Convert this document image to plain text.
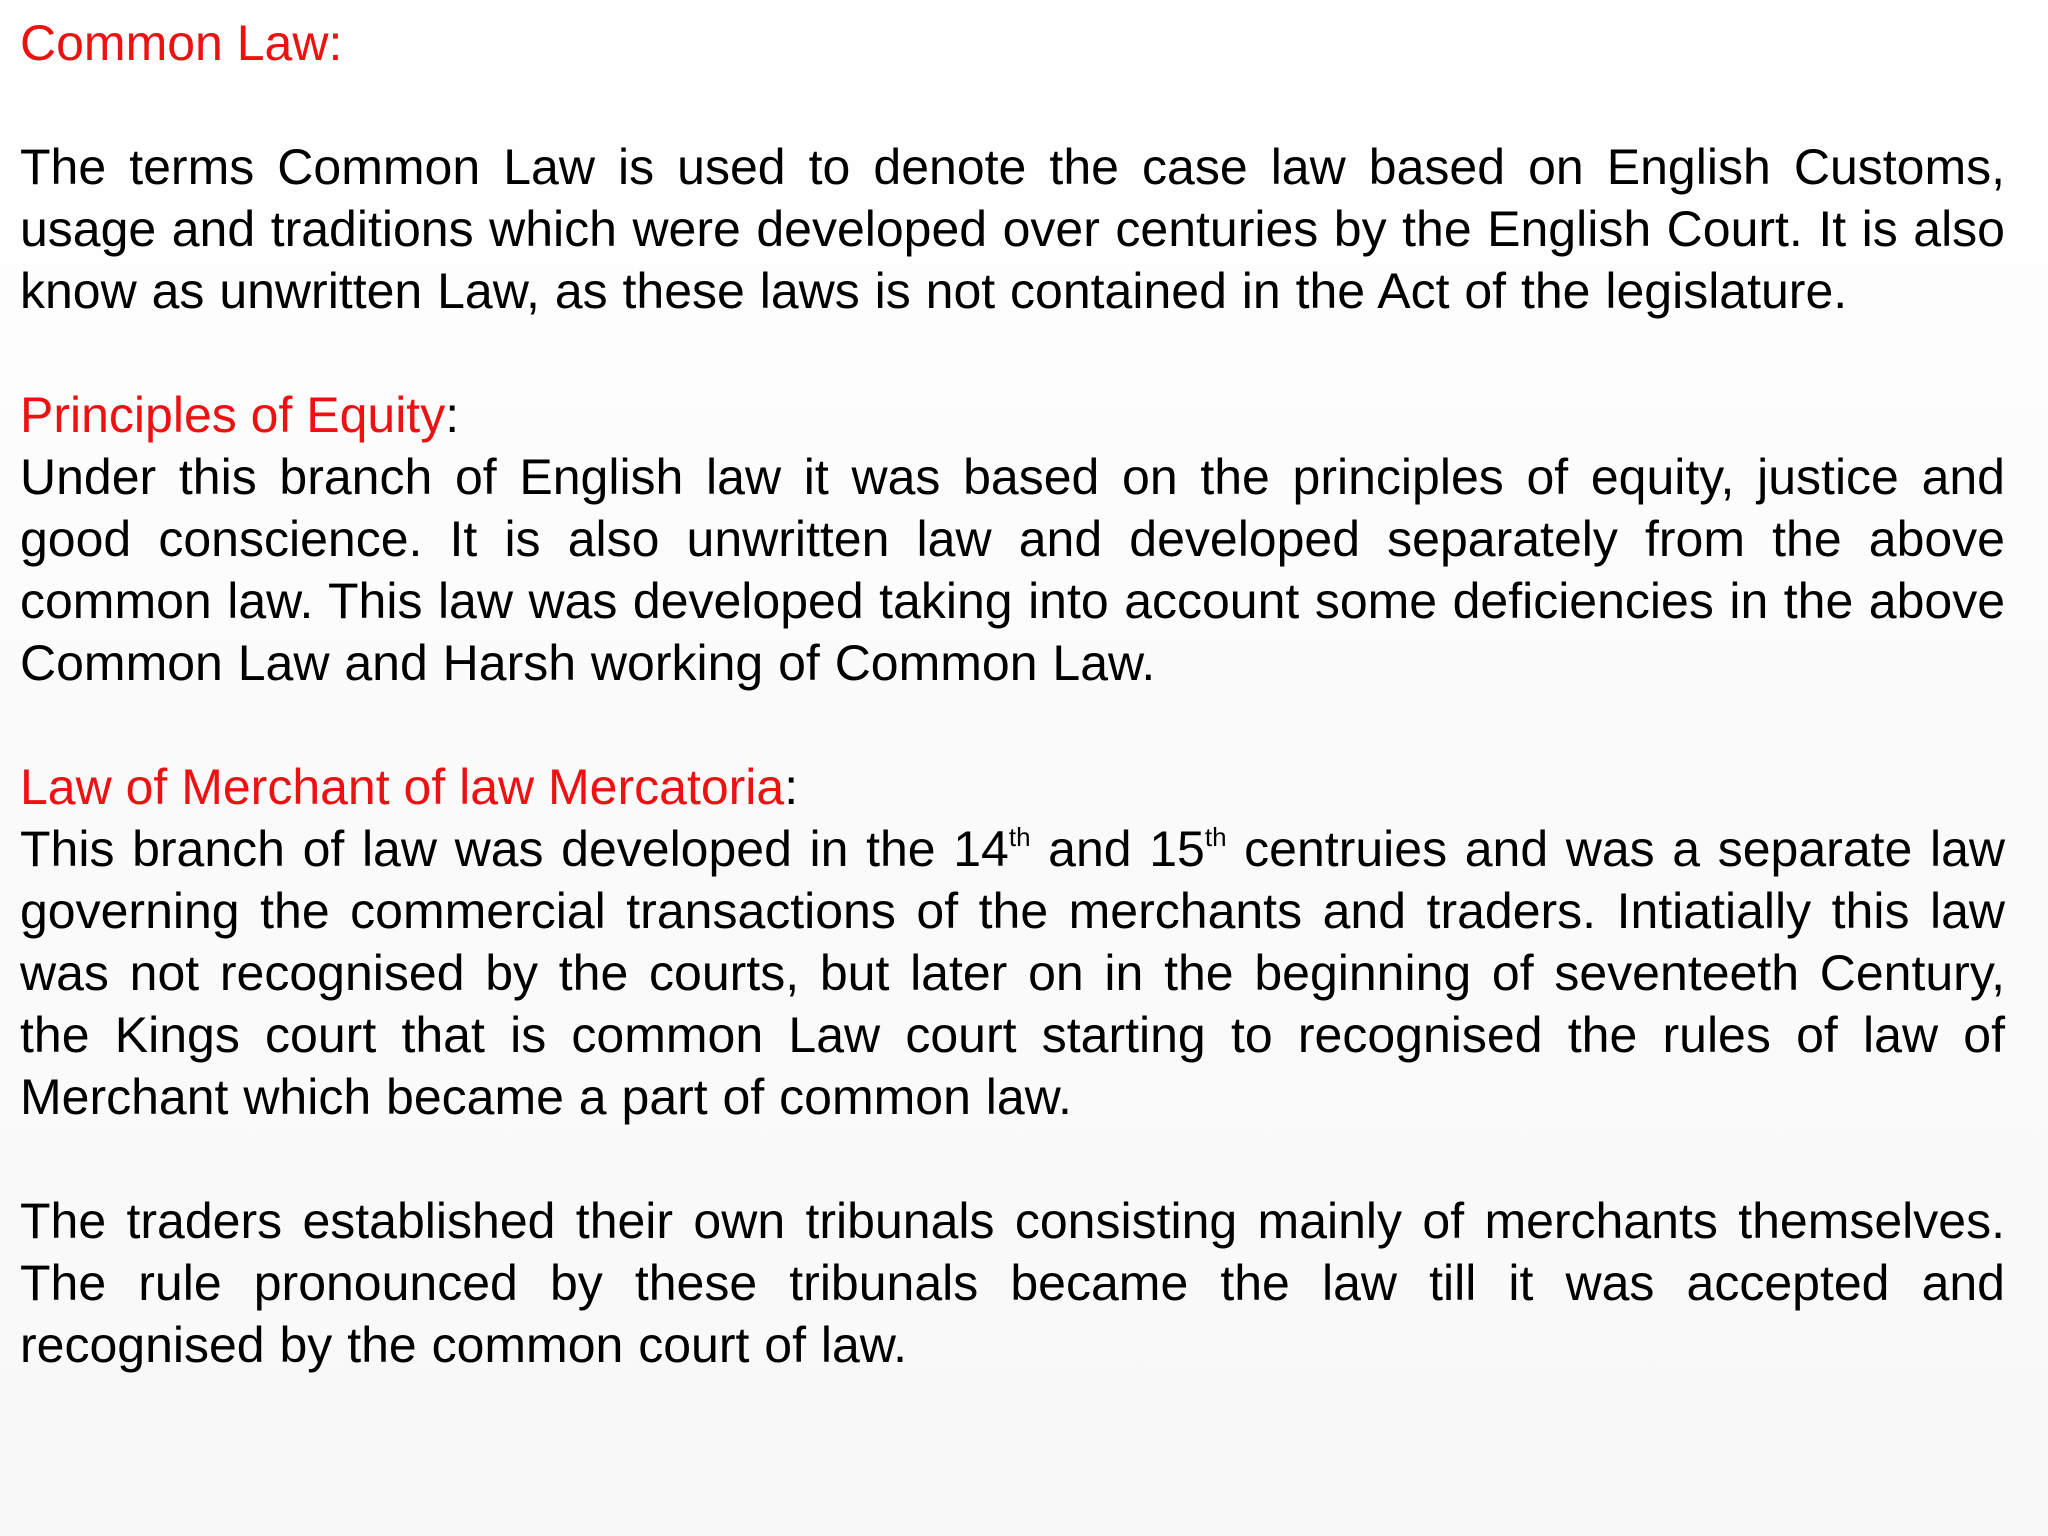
Common Law:

The terms Common Law is used to denote the case law based on English Customs, usage and traditions which were developed over centuries by the English Court. It is also know as unwritten Law, as these laws is not contained in the Act of the legislature.

Principles of Equity:

Under this branch of English law it was based on the principles of equity, justice and good conscience. It is also unwritten law and developed separately from the above common law. This law was developed taking into account some deficiencies in the above Common Law and Harsh working of Common Law.

Law of Merchant of law Mercatoria:

This branch of law was developed in the 14th and 15th centruies and was a separate law governing the commercial transactions of the merchants and traders. Intiatially this law was not recognised by the courts, but later on in the beginning of seventeeth Century, the Kings court that is common Law court starting to recognised the rules of law of Merchant which became a part of common law.

The traders established their own tribunals consisting mainly of merchants themselves. The rule pronounced by these tribunals became the law till it was accepted and recognised by the common court of law.
